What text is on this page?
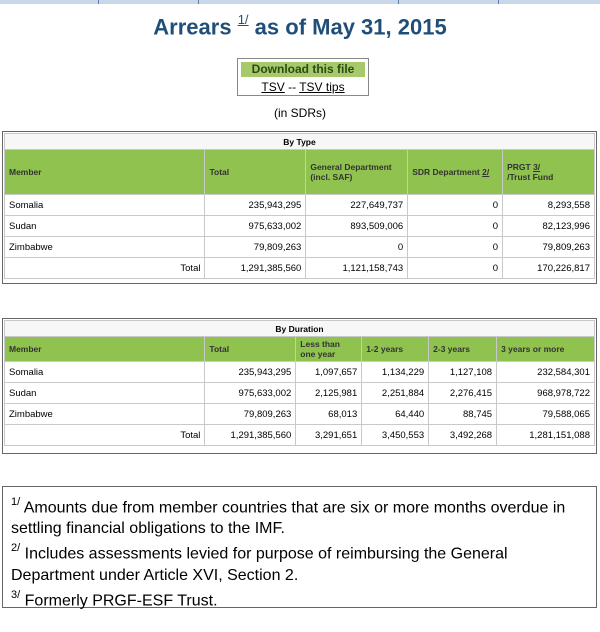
Arrears $^{1/}$ as of May 31, 2015
Download this file
TSV -- TSV tips
(in SDRs)
By Type				
Member	Total	General Department (incl. SAF)	SDR Department 2/	PRGT 3/
/Trust Fund
Somalia	235,943,295	227,649,737	0	8,293,558
Sudan	975,633,002	893,509,006	0	82,123,996
Zimbabwe	79,809,263	0	0	79,809,263
Total	1,291,385,560	1,121,158,743	0	170,226,817
By Duration					
Member	Total	Less than one year	1-2 years	2-3 years	3 years or more
Somalia	235,943,295	1,097,657	1,134,229	1,127,108	232,584,301
Sudan	975,633,002	2,125,981	2,251,884	2,276,415	968,978,722
Zimbabwe	79,809,263	68,013	64,440	88,745	79,588,065
Total	1,291,385,560	3,291,651	3,450,553	3,492,268	1,281,151,088

$^{1/}$ Amounts due from member countries that are six or more months overdue in settling financial obligations to the IMF.

$^{2/}$ Includes assessments levied for purpose of reimbursing the General Department under Article XVI, Section 2.

$^{3/}$ Formerly PRGF-ESF Trust.
